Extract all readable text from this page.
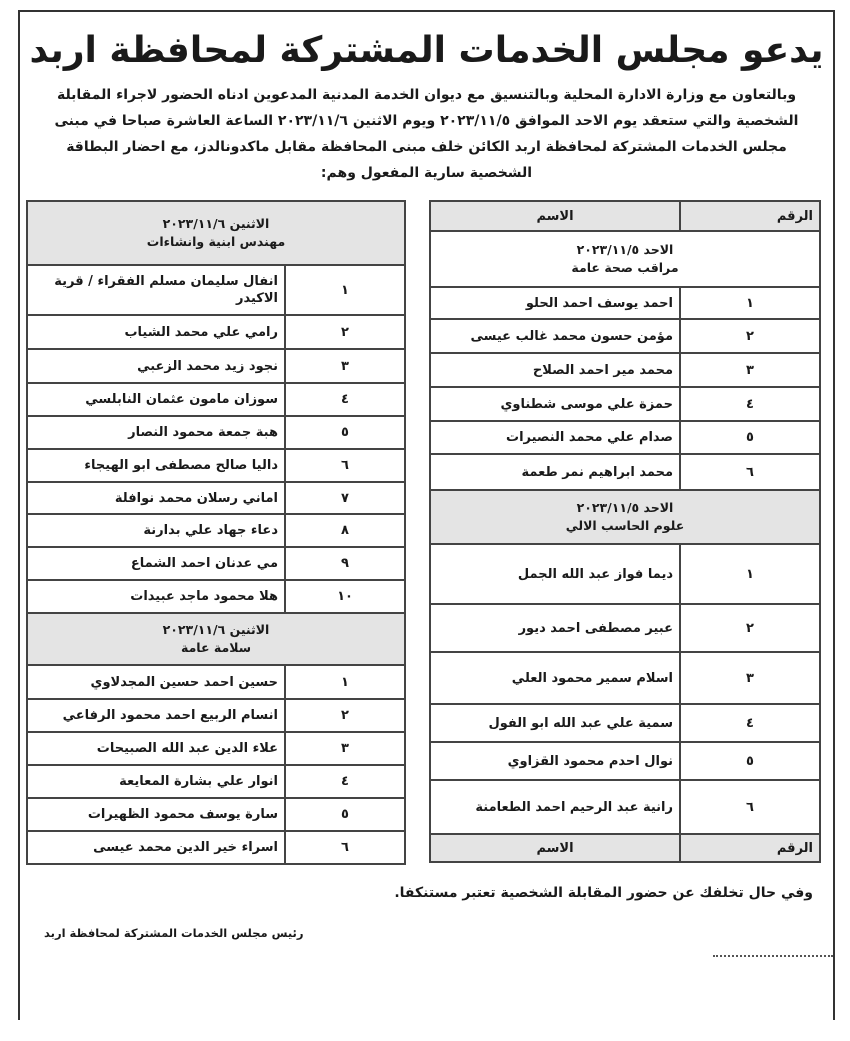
يدعو مجلس الخدمات المشتركة لمحافظة اربد
وبالتعاون مع وزارة الادارة المحلية وبالتنسيق مع ديوان الخدمة المدنية المدعوين ادناه الحضور لاجراء المقابلة الشخصية والتي ستعقد يوم الاحد الموافق ٢٠٢٣/١١/٥ ويوم الاثنين ٢٠٢٣/١١/٦ الساعة العاشرة صباحا في مبنى مجلس الخدمات المشتركة لمحافظة اربد الكائن خلف مبنى المحافظة مقابل ماكدونالدز، مع احضار البطاقة الشخصية سارية المفعول وهم:
الرقم	الاسم

الاحد ٢٠٢٣/١١/٥
مراقب صحة عامة	

١	احمد يوسف احمد الحلو
٢	مؤمن حسون محمد غالب عيسى
٣	محمد مير احمد الصلاح
٤	حمزة علي موسى شطناوي
٥	صدام علي محمد النصيرات
٦	محمد ابراهيم نمر طعمة

الاحد ٢٠٢٣/١١/٥
علوم الحاسب الالي	

١	ديما فواز عبد الله الجمل
٢	عبير مصطفى احمد ديور
٣	اسلام سمير محمود العلي
٤	سمية علي عبد الله ابو الفول
٥	نوال احدم محمود القزاوي
٦	رانية عبد الرحيم احمد الطعامنة
الرقم	الاسم
الاثنين ٢٠٢٣/١١/٦
مهندس ابنية وانشاءات	

١	انفال سليمان مسلم الفقراء / قرية الاكيدر
٢	رامي علي محمد الشياب
٣	نجود زيد محمد الزعبي
٤	سوزان مامون عثمان النابلسي
٥	هبة جمعة محمود النصار
٦	داليا صالح مصطفى ابو الهيجاء
٧	اماني رسلان محمد نوافلة
٨	دعاء جهاد علي بدارنة
٩	مي عدنان احمد الشماع
١٠	هلا محمود ماجد عبيدات

الاثنين ٢٠٢٣/١١/٦
سلامة عامة	

١	حسين احمد حسين المجدلاوي
٢	انسام الربيع احمد محمود الرفاعي
٣	علاء الدين عبد الله الصبيحات
٤	انوار علي بشارة المعايعة
٥	سارة يوسف محمود الظهيرات
٦	اسراء خير الدين محمد عيسى
وفي حال تخلفك عن حضور المقابلة الشخصية تعتبر مستنكفا.
رئيس مجلس الخدمات المشتركة لمحافظة اربد
